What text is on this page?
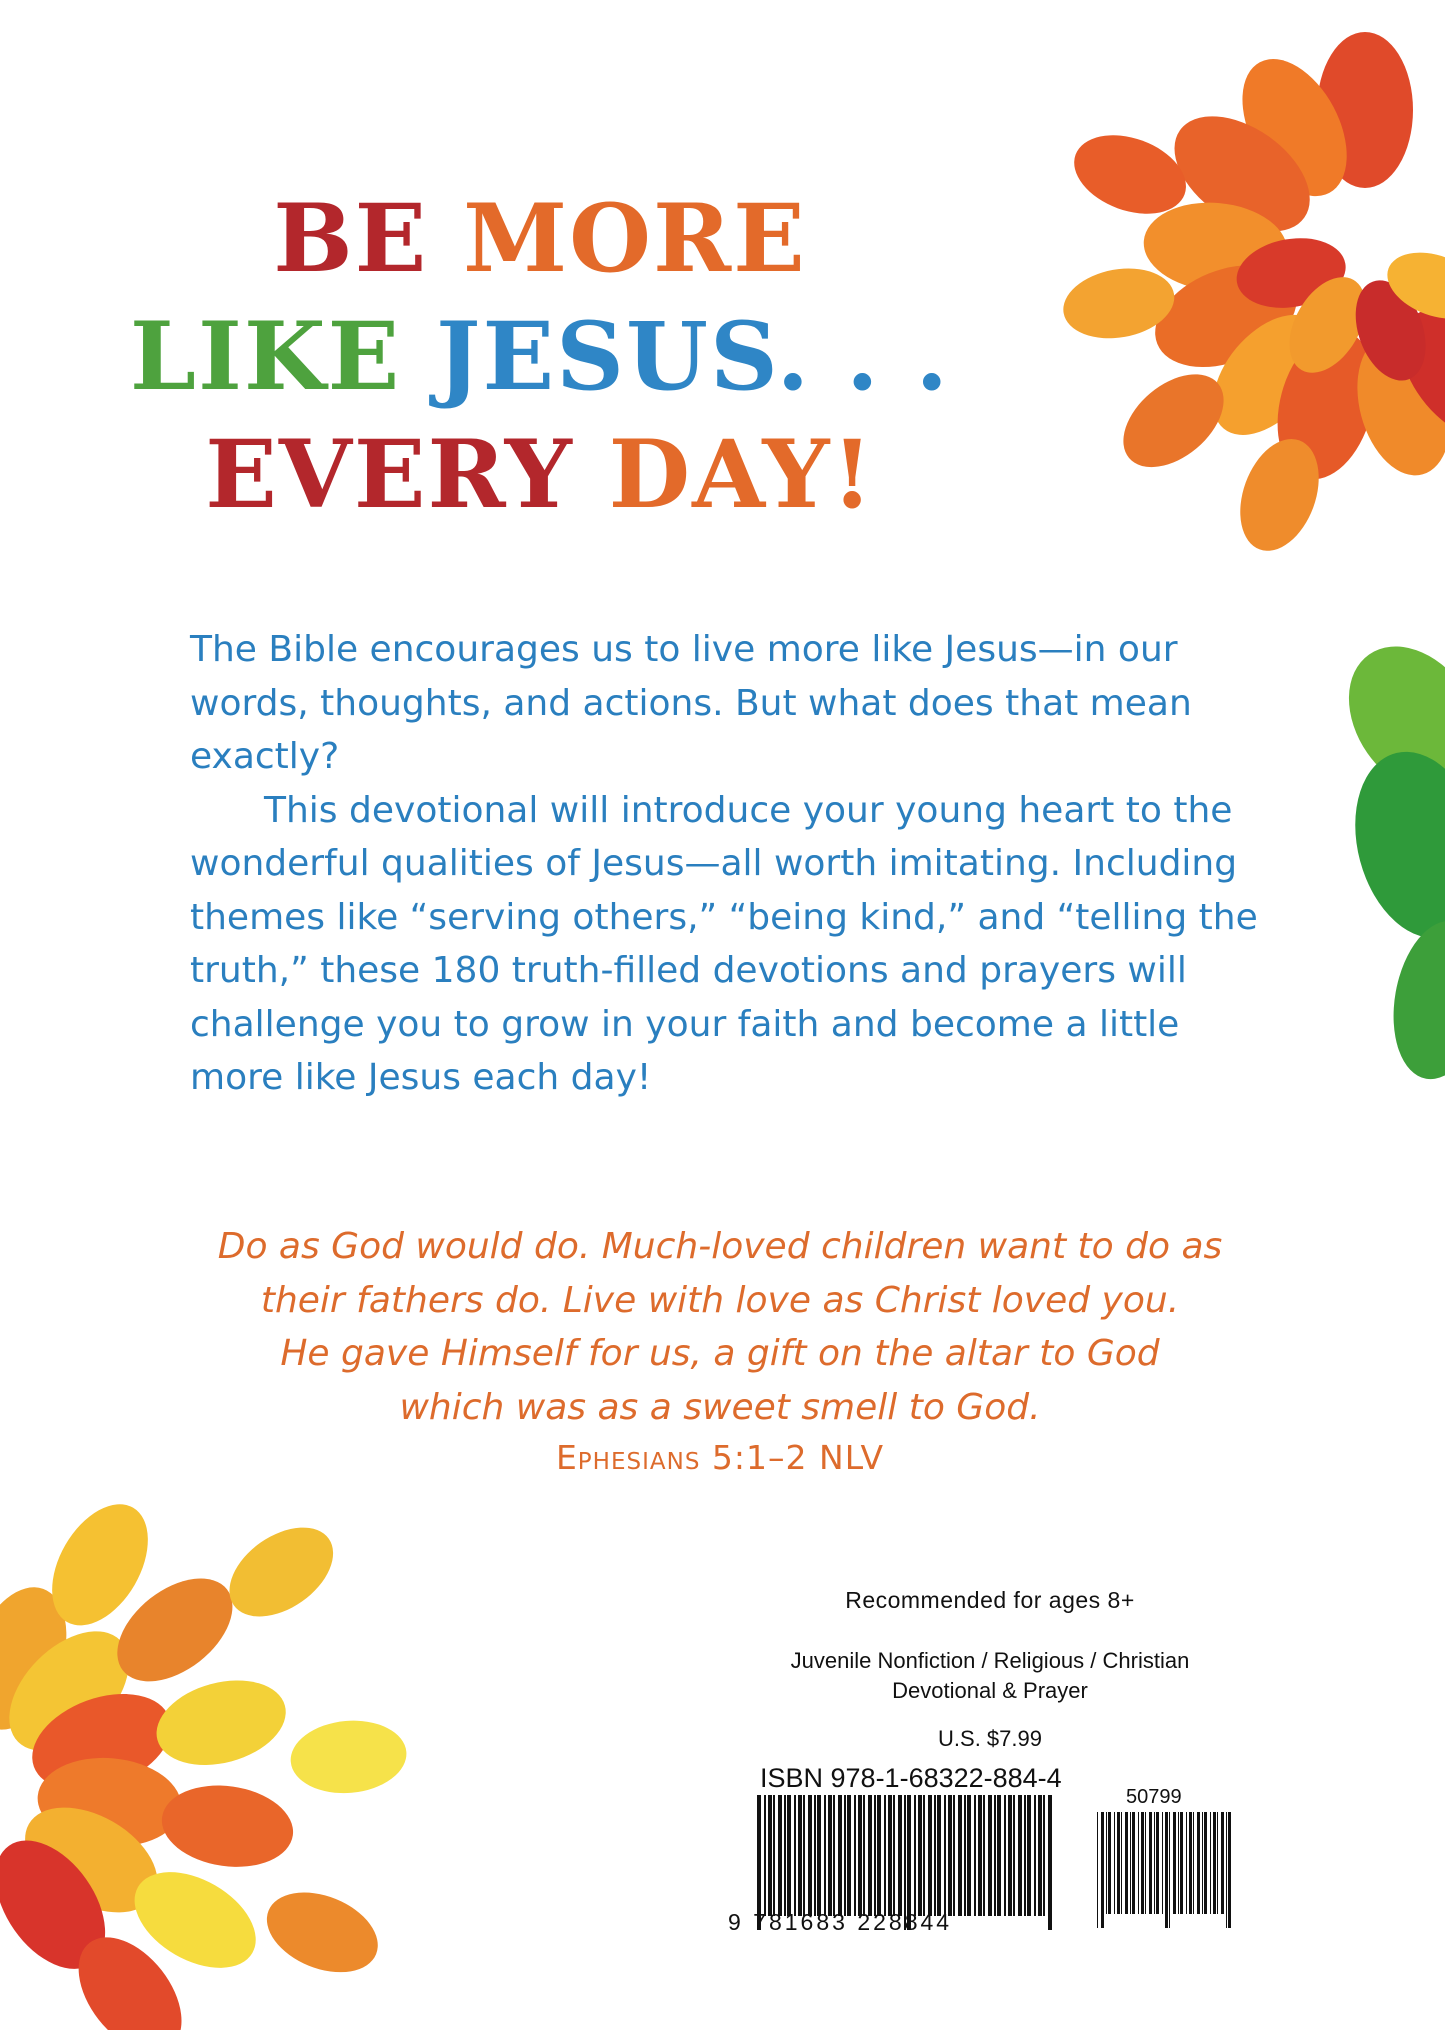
BE MORE
LIKE JESUS. . .
EVERY DAY!

The Bible encourages us to live more like Jesus—in our words, thoughts, and actions. But what does that mean exactly?

This devotional will introduce your young heart to the wonderful qualities of Jesus—all worth imitating. Including themes like “serving others,” “being kind,” and “telling the truth,” these 180 truth-filled devotions and prayers will challenge you to grow in your faith and become a little more like Jesus each day!

Do as God would do. Much-loved children want to do as
their fathers do. Live with love as Christ loved you.
He gave Himself for us, a gift on the altar to God
which was as a sweet smell to God.
Ephesians 5:1–2 NLV
Recommended for ages 8+
Juvenile Nonfiction / Religious / Christian
Devotional & Prayer
U.S. $7.99
ISBN 978-1-68322-884-4
9 781683 228844
50799
